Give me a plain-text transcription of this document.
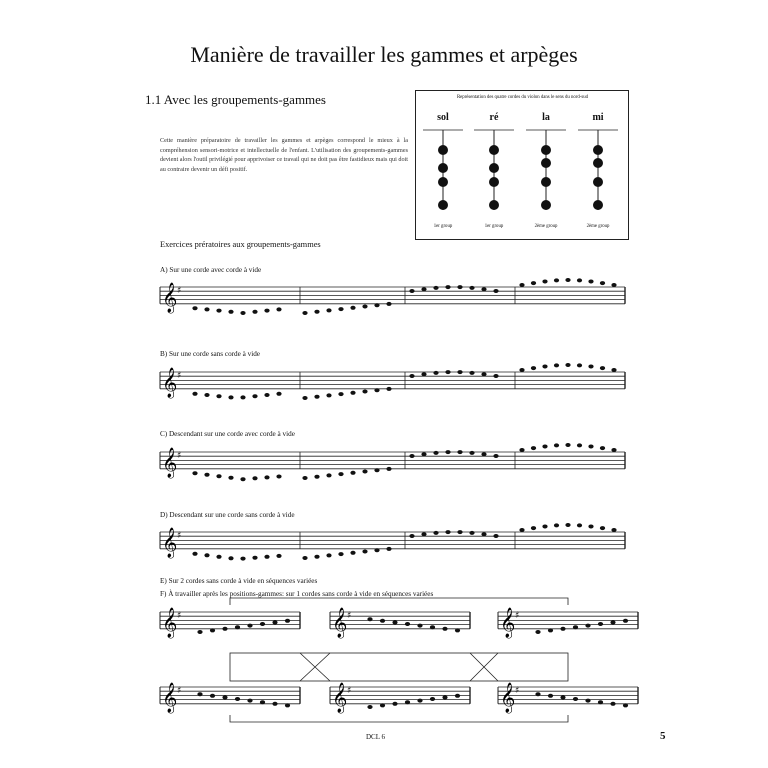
Manière de travailler les gammes et arpèges
1.1 Avec les groupements-gammes
Cette manière préparatoire de travailler les gammes et arpèges correspond le mieux à la compréhension sensori-motrice et intellectuelle de l'enfant. L'utilisation des groupements-gammes devient alors l'outil privilégié pour apprivoiser ce travail qui ne doit pas être fastidieux mais qui doit au contraire devenir un défi positif.
Représentation des quatre cordes du violon dans le sens du nord-sud
sol	ré	la	mi
1er group	1er group	2ème group	2ème group
Exercices prératoires aux groupements-gammes
A) Sur une corde avec corde à vide
B) Sur une corde sans corde à vide
C) Descendant sur une corde avec corde à vide
D) Descendant sur une corde sans corde à vide
E) Sur 2 cordes sans corde à vide en séquences variées
F) À travailler après les positions-gammes: sur 1 cordes sans corde à vide en séquences variées
𝄞 ♯
𝄞 ♯
𝄞 ♯
𝄞 ♯
𝄞 ♯	𝄞 ♯	𝄞 ♯
𝄞 ♯	𝄞 ♯	𝄞 ♯
DCL 6	5
